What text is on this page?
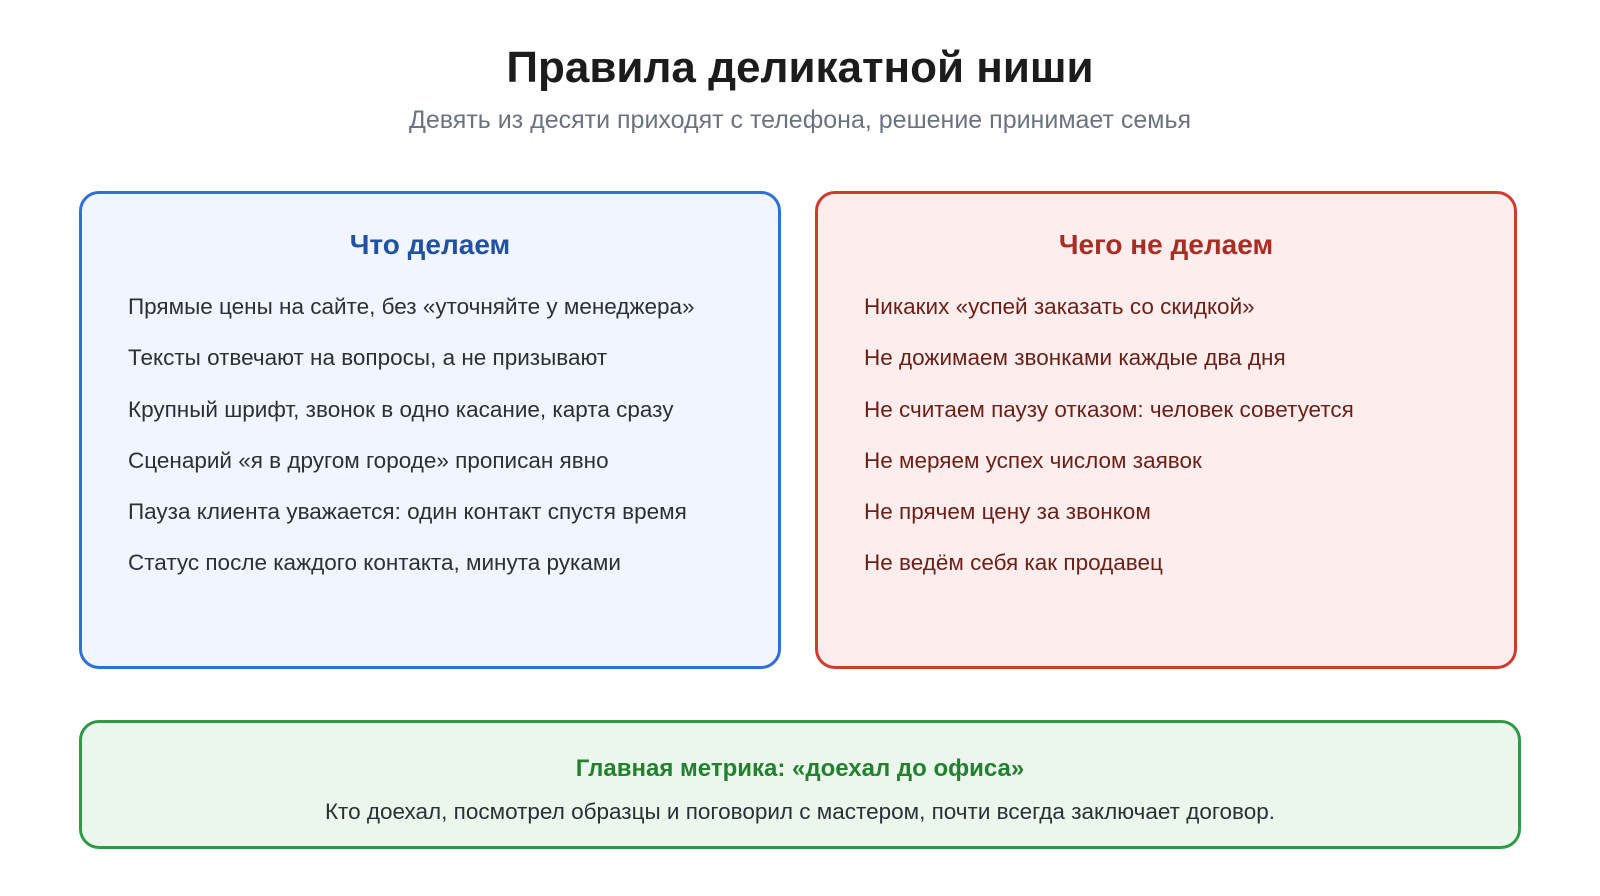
Правила деликатной ниши
Девять из десяти приходят с телефона, решение принимает семья
Что делаем
Прямые цены на сайте, без «уточняйте у менеджера»
Тексты отвечают на вопросы, а не призывают
Крупный шрифт, звонок в одно касание, карта сразу
Сценарий «я в другом городе» прописан явно
Пауза клиента уважается: один контакт спустя время
Статус после каждого контакта, минута руками
Чего не делаем
Никаких «успей заказать со скидкой»
Не дожимаем звонками каждые два дня
Не считаем паузу отказом: человек советуется
Не меряем успех числом заявок
Не прячем цену за звонком
Не ведём себя как продавец
Главная метрика: «доехал до офиса»
Кто доехал, посмотрел образцы и поговорил с мастером, почти всегда заключает договор.
